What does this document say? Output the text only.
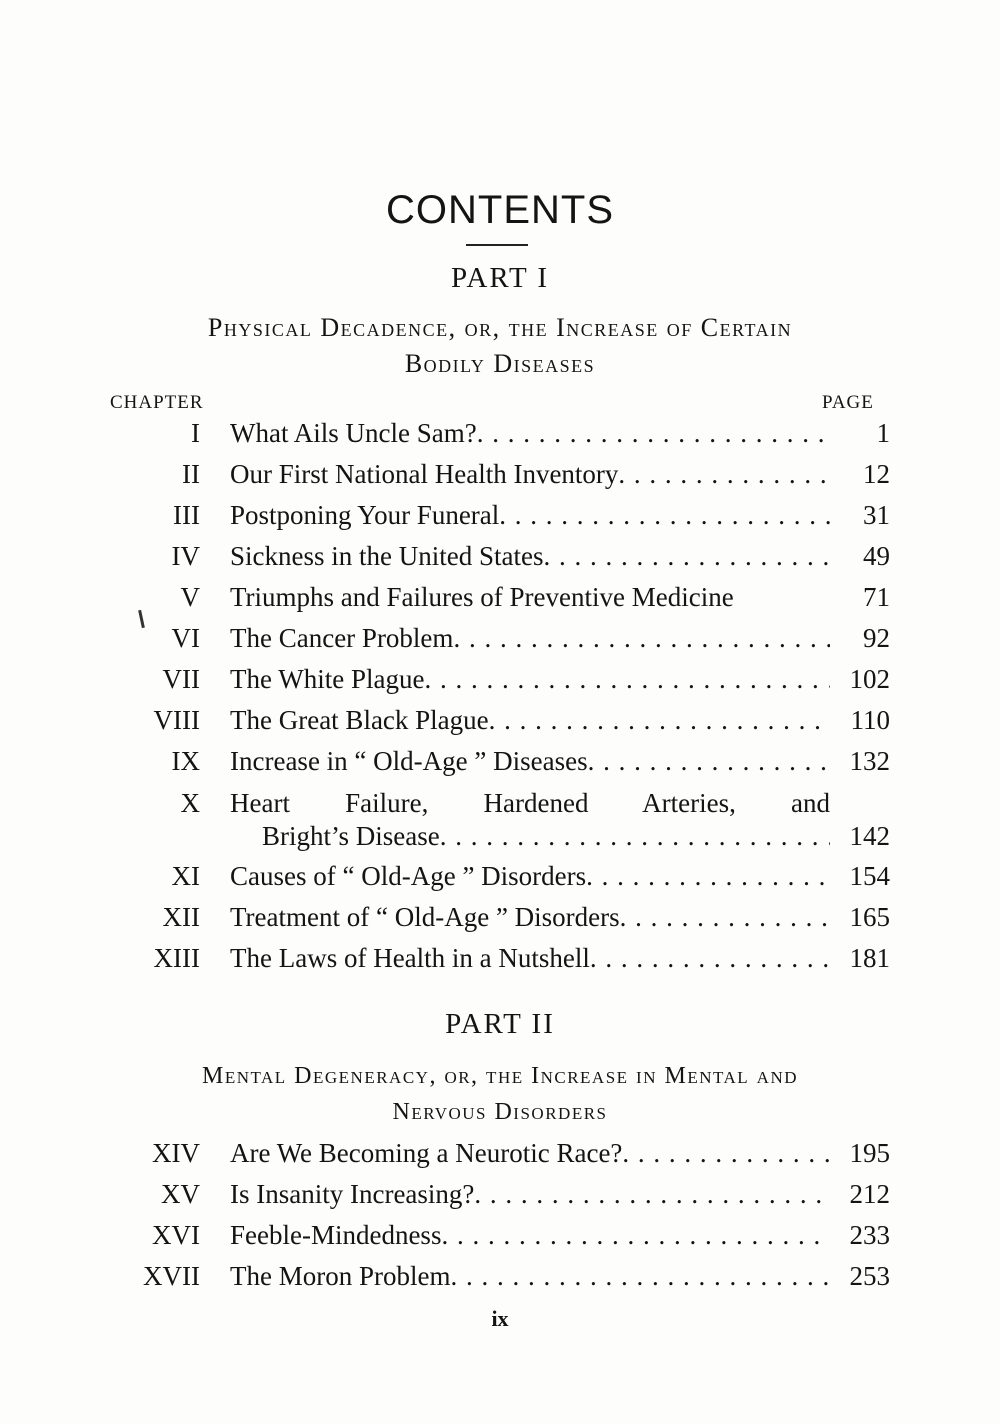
CONTENTS
PART I
Physical Decadence, or, the Increase of Certain
Bodily Diseases
CHAPTER	PAGE
I What Ails Uncle Sam? . . .	1
II Our First National Health Inventory . . .	12
III Postponing Your Funeral . . .	31
IV Sickness in the United States . . .	49
V Triumphs and Failures of Preventive Medicine	71
VI The Cancer Problem . . .	92
VII The White Plague . . .	102
VIII The Great Black Plague . . .	110
IX Increase in “ Old-Age ” Diseases . . .	132
X Heart Failure, Hardened Arteries, and
Bright’s Disease . . .	142
XI Causes of “ Old-Age ” Disorders . . .	154
XII Treatment of “ Old-Age ” Disorders . . .	165
XIII The Laws of Health in a Nutshell . . .	181
PART II
Mental Degeneracy, or, the Increase in Mental and
Nervous Disorders
XIV Are We Becoming a Neurotic Race? . . .	195
XV Is Insanity Increasing? . . .	212
XVI Feeble-Mindedness . . .	233
XVII The Moron Problem . . .	253
ix
